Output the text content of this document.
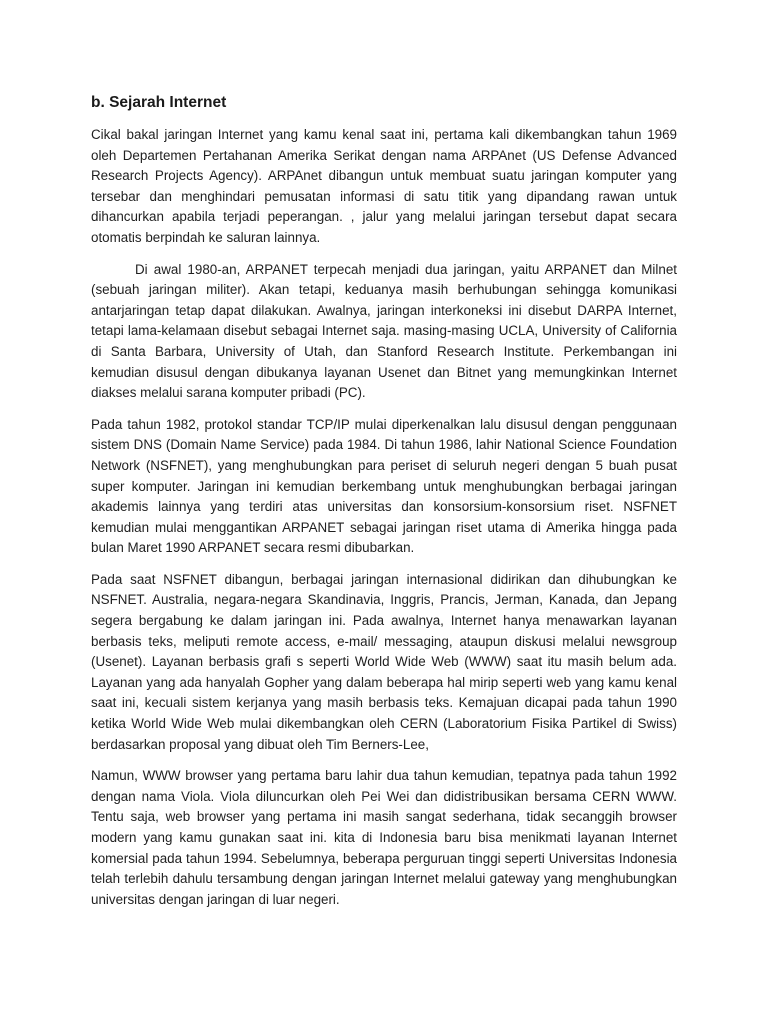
b. Sejarah Internet

Cikal bakal jaringan Internet yang kamu kenal saat ini, pertama kali dikembangkan tahun 1969 oleh Departemen Pertahanan Amerika Serikat dengan nama ARPAnet (US Defense Advanced Research Projects Agency). ARPAnet dibangun untuk membuat suatu jaringan komputer yang tersebar dan menghindari pemusatan informasi di satu titik yang dipandang rawan untuk dihancurkan apabila terjadi peperangan. , jalur yang melalui jaringan tersebut dapat secara otomatis berpindah ke saluran lainnya.

Di awal 1980-an, ARPANET terpecah menjadi dua jaringan, yaitu ARPANET dan Milnet (sebuah jaringan militer). Akan tetapi, keduanya masih berhubungan sehingga komunikasi antarjaringan tetap dapat dilakukan. Awalnya, jaringan interkoneksi ini disebut DARPA Internet, tetapi lama-kelamaan disebut sebagai Internet saja. masing-masing UCLA, University of California di Santa Barbara, University of Utah, dan Stanford Research Institute. Perkembangan ini kemudian disusul dengan dibukanya layanan Usenet dan Bitnet yang memungkinkan Internet diakses melalui sarana komputer pribadi (PC).

Pada tahun 1982, protokol standar TCP/IP mulai diperkenalkan lalu disusul dengan penggunaan sistem DNS (Domain Name Service) pada 1984. Di tahun 1986, lahir National Science Foundation Network (NSFNET), yang menghubungkan para periset di seluruh negeri dengan 5 buah pusat super komputer. Jaringan ini kemudian berkembang untuk menghubungkan berbagai jaringan akademis lainnya yang terdiri atas universitas dan konsorsium-konsorsium riset. NSFNET kemudian mulai menggantikan ARPANET sebagai jaringan riset utama di Amerika hingga pada bulan Maret 1990 ARPANET secara resmi dibubarkan.

Pada saat NSFNET dibangun, berbagai jaringan internasional didirikan dan dihubungkan ke NSFNET. Australia, negara-negara Skandinavia, Inggris, Prancis, Jerman, Kanada, dan Jepang segera bergabung ke dalam jaringan ini. Pada awalnya, Internet hanya menawarkan layanan berbasis teks, meliputi remote access, e-mail/ messaging, ataupun diskusi melalui newsgroup (Usenet). Layanan berbasis grafi s seperti World Wide Web (WWW) saat itu masih belum ada. Layanan yang ada hanyalah Gopher yang dalam beberapa hal mirip seperti web yang kamu kenal saat ini, kecuali sistem kerjanya yang masih berbasis teks. Kemajuan dicapai pada tahun 1990 ketika World Wide Web mulai dikembangkan oleh CERN (Laboratorium Fisika Partikel di Swiss) berdasarkan proposal yang dibuat oleh Tim Berners-Lee,

Namun, WWW browser yang pertama baru lahir dua tahun kemudian, tepatnya pada tahun 1992 dengan nama Viola. Viola diluncurkan oleh Pei Wei dan didistribusikan bersama CERN WWW. Tentu saja, web browser yang pertama ini masih sangat sederhana, tidak secanggih browser modern yang kamu gunakan saat ini. kita di Indonesia baru bisa menikmati layanan Internet komersial pada tahun 1994. Sebelumnya, beberapa perguruan tinggi seperti Universitas Indonesia telah terlebih dahulu tersambung dengan jaringan Internet melalui gateway yang menghubungkan universitas dengan jaringan di luar negeri.
